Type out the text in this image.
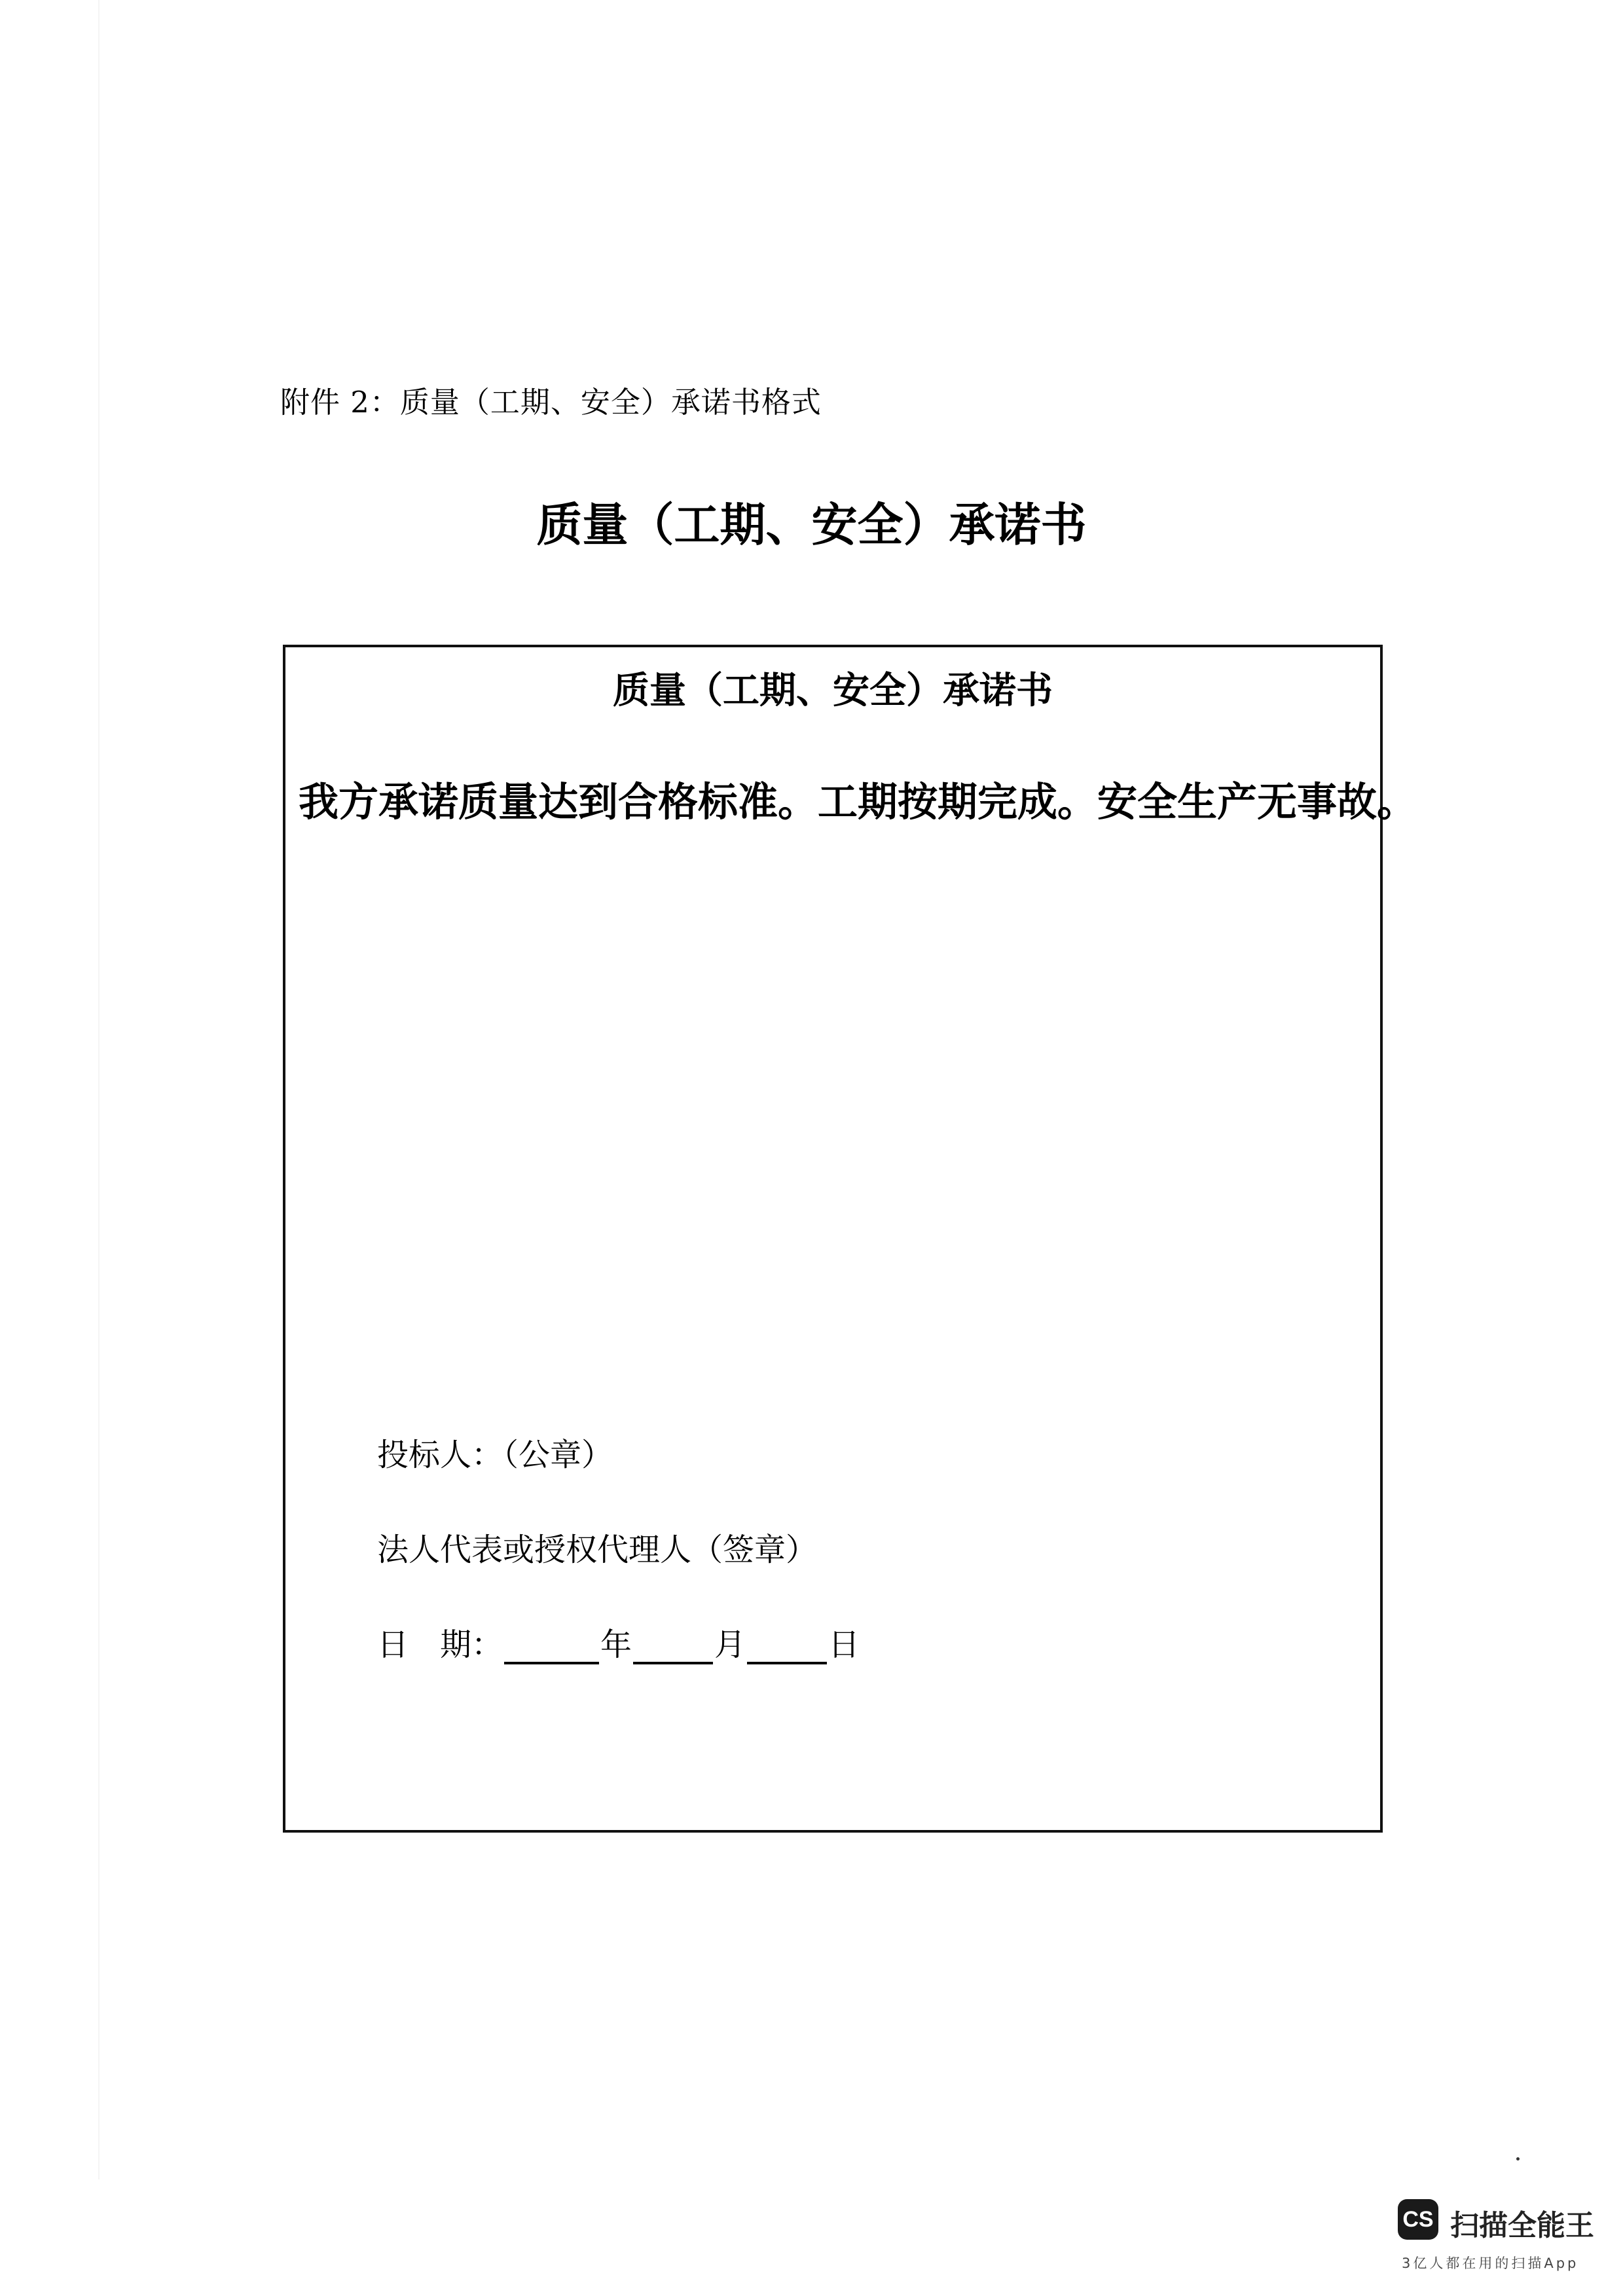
附件 2：质量（工期、安全）承诺书格式
质量（工期、安全）承诺书
质量（工期、安全）承诺书
我方承诺质量达到合格标准。工期按期完成。安全生产无事故。
投标人：（公章）
法人代表或授权代理人（签章）
日　期：	年	月	日
CS 扫描全能王
3亿人都在用的扫描App
